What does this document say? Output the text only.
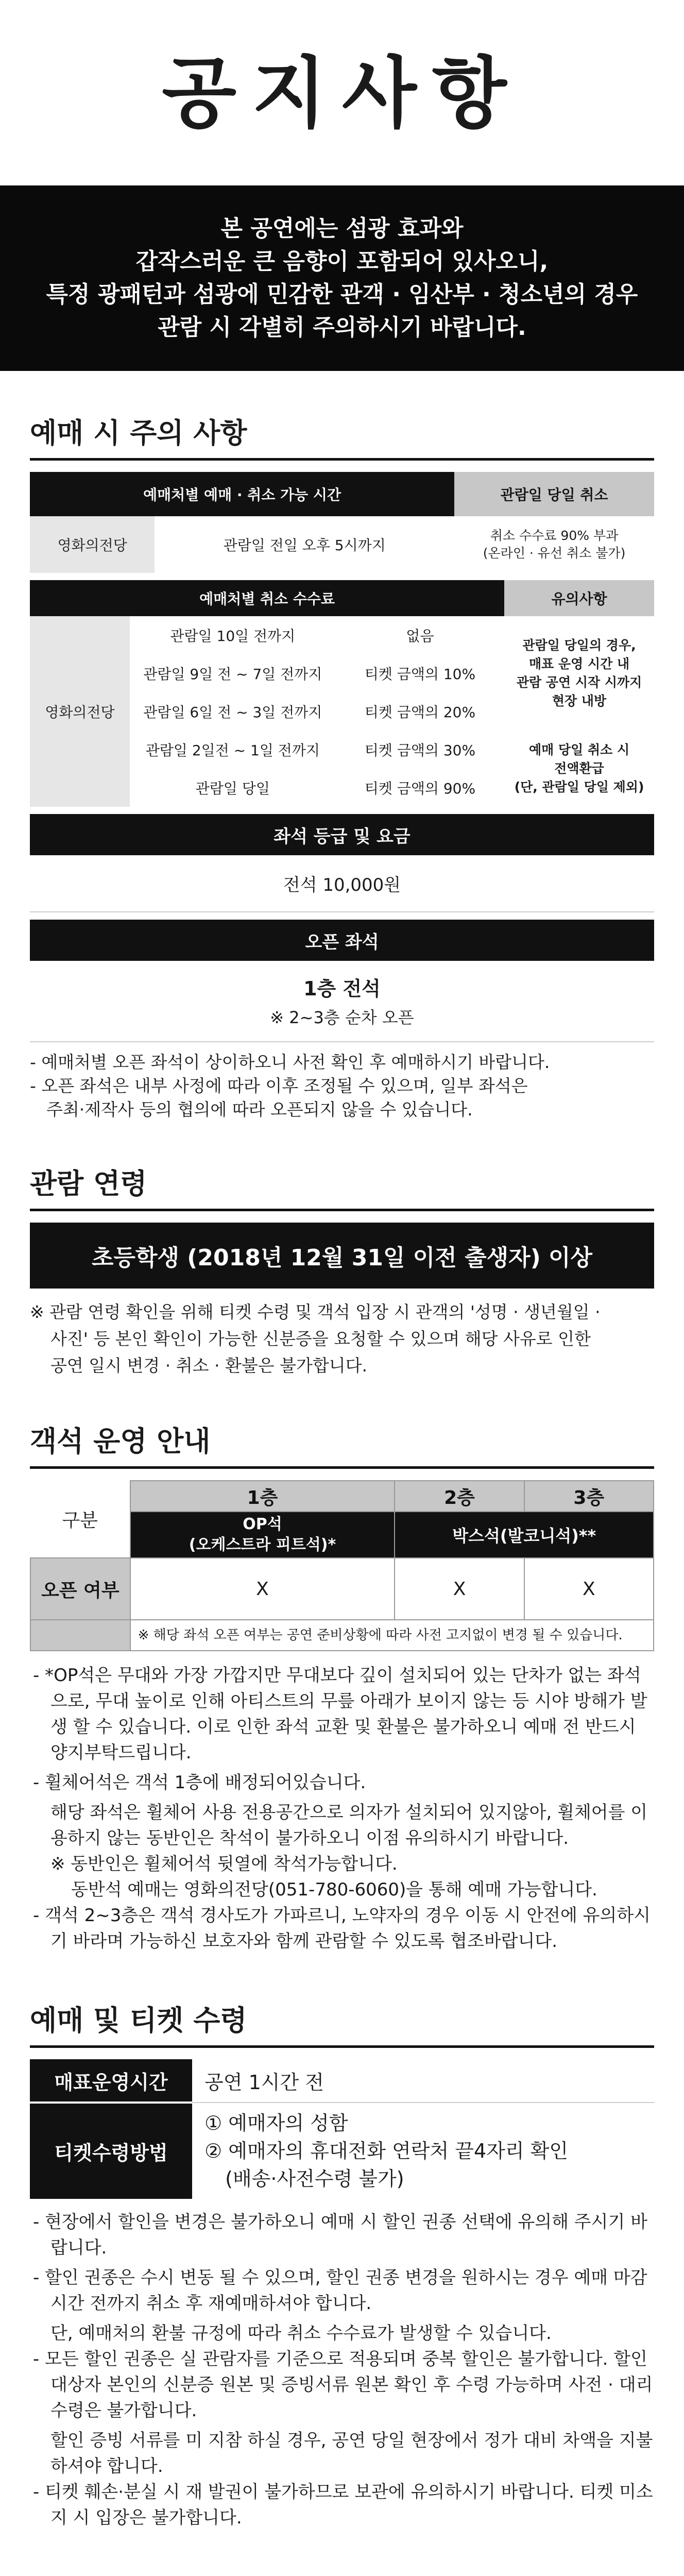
공지사항
본 공연에는 섬광 효과와
갑작스러운 큰 음향이 포함되어 있사오니,
특정 광패턴과 섬광에 민감한 관객 · 임산부 · 청소년의 경우
관람 시 각별히 주의하시기 바랍니다.
예매 시 주의 사항
예매처별 예매 · 취소 가능 시간		관람일 당일 취소
영화의전당	관람일 전일 오후 5시까지	취소 수수료 90% 부과
(온라인 · 유선 취소 불가)
예매처별 취소 수수료			유의사항
영화의전당	관람일 10일 전까지	없음	관람일 당일의 경우,
매표 운영 시간 내
관람 공연 시작 시까지
현장 내방

	관람일 9일 전 ~ 7일 전까지	티켓 금액의 10%	
	관람일 6일 전 ~ 3일 전까지	티켓 금액의 20%	
	관람일 2일전 ~ 1일 전까지	티켓 금액의 30%	예매 당일 취소 시
전액환급
(단, 관람일 당일 제외)

	관람일 당일	티켓 금액의 90%	
좌석 등급 및 요금
전석 10,000원
오픈 좌석
1층 전석
※ 2~3층 순차 오픈
- 예매처별 오픈 좌석이 상이하오니 사전 확인 후 예매하시기 바랍니다.
- 오픈 좌석은 내부 사정에 따라 이후 조정될 수 있으며, 일부 좌석은
주최·제작사 등의 협의에 따라 오픈되지 않을 수 있습니다.
관람 연령
초등학생 (2018년 12월 31일 이전 출생자) 이상
※ 관람 연령 확인을 위해 티켓 수령 및 객석 입장 시 관객의 '성명 · 생년월일 ·
사진' 등 본인 확인이 가능한 신분증을 요청할 수 있으며 해당 사유로 인한
공연 일시 변경 · 취소 · 환불은 불가합니다.
객석 운영 안내
구분	1층	2층	3층
	OP석
(오케스트라 피트석)*	박스석(발코니석)**	
오픈 여부	X	X	X
	※ 해당 좌석 오픈 여부는 공연 준비상황에 따라 사전 고지없이 변경 될 수 있습니다.		
- *OP석은 무대와 가장 가깝지만 무대보다 깊이 설치되어 있는 단차가 없는 좌석으로, 무대 높이로 인해 아티스트의 무릎 아래가 보이지 않는 등 시야 방해가 발생 할 수 있습니다. 이로 인한 좌석 교환 및 환불은 불가하오니 예매 전 반드시 양지부탁드립니다.
- 휠체어석은 객석 1층에 배정되어있습니다.
해당 좌석은 휠체어 사용 전용공간으로 의자가 설치되어 있지않아, 휠체어를 이용하지 않는 동반인은 착석이 불가하오니 이점 유의하시기 바랍니다.
※ 동반인은 휠체어석 뒷열에 착석가능합니다.
동반석 예매는 영화의전당(051-780-6060)을 통해 예매 가능합니다.
- 객석 2~3층은 객석 경사도가 가파르니, 노약자의 경우 이동 시 안전에 유의하시기 바라며 가능하신 보호자와 함께 관람할 수 있도록 협조바랍니다.
예매 및 티켓 수령
매표운영시간	공연 1시간 전
티켓수령방법	① 예매자의 성함
② 예매자의 휴대전화 연락처 끝4자리 확인
(배송·사전수령 불가)
- 현장에서 할인을 변경은 불가하오니 예매 시 할인 권종 선택에 유의해 주시기 바랍니다.
- 할인 권종은 수시 변동 될 수 있으며, 할인 권종 변경을 원하시는 경우 예매 마감 시간 전까지 취소 후 재예매하셔야 합니다.
단, 예매처의 환불 규정에 따라 취소 수수료가 발생할 수 있습니다.
- 모든 할인 권종은 실 관람자를 기준으로 적용되며 중복 할인은 불가합니다. 할인대상자 본인의 신분증 원본 및 증빙서류 원본 확인 후 수령 가능하며 사전 · 대리수령은 불가합니다.
할인 증빙 서류를 미 지참 하실 경우, 공연 당일 현장에서 정가 대비 차액을 지불하셔야 합니다.
- 티켓 훼손·분실 시 재 발권이 불가하므로 보관에 유의하시기 바랍니다. 티켓 미소지 시 입장은 불가합니다.
